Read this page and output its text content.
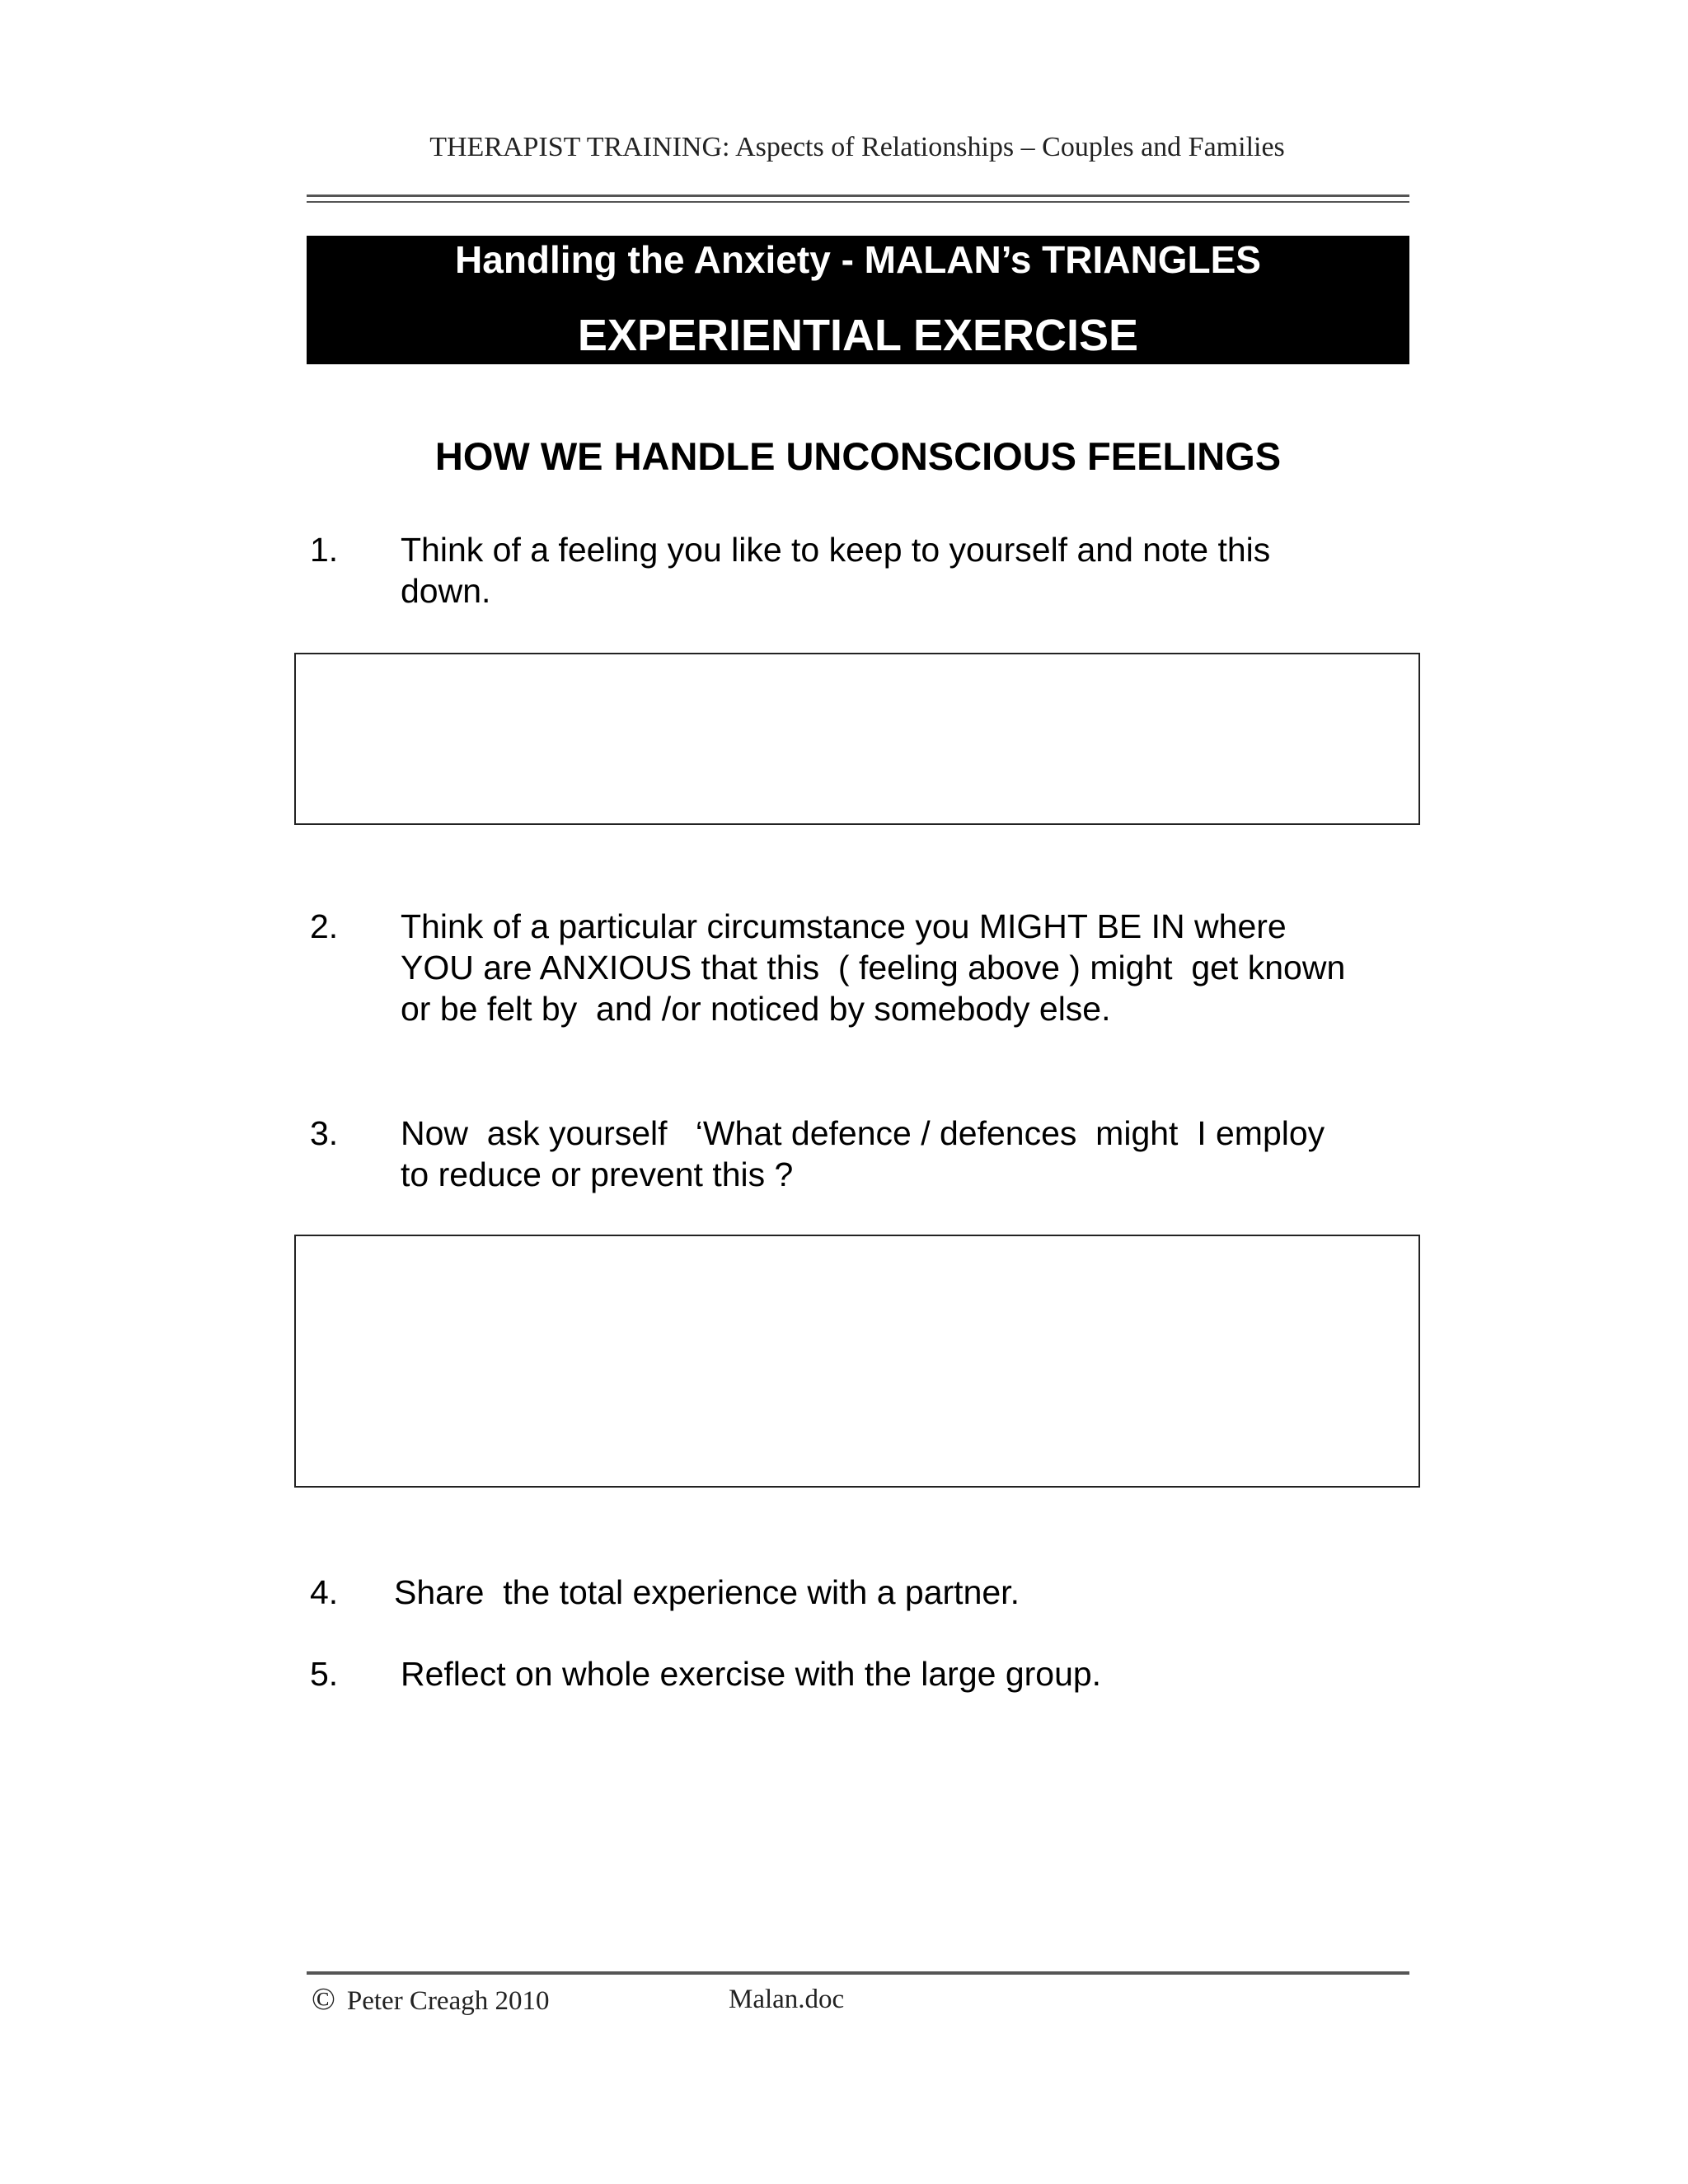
THERAPIST TRAINING: Aspects of Relationships – Couples and Families
Handling the Anxiety - MALAN’s TRIANGLES
EXPERIENTIAL EXERCISE
HOW WE HANDLE UNCONSCIOUS FEELINGS
1. Think of a feeling you like to keep to yourself and note this
down.
2. Think of a particular circumstance you MIGHT BE IN where
YOU are ANXIOUS that this  ( feeling above ) might  get known
or be felt by  and /or noticed by somebody else.
3. Now  ask yourself   ‘What defence / defences  might  I employ
to reduce or prevent this ?
4. Share  the total experience with a partner.
5. Reflect on whole exercise with the large group.
© Peter Creagh 2010	Malan.doc
